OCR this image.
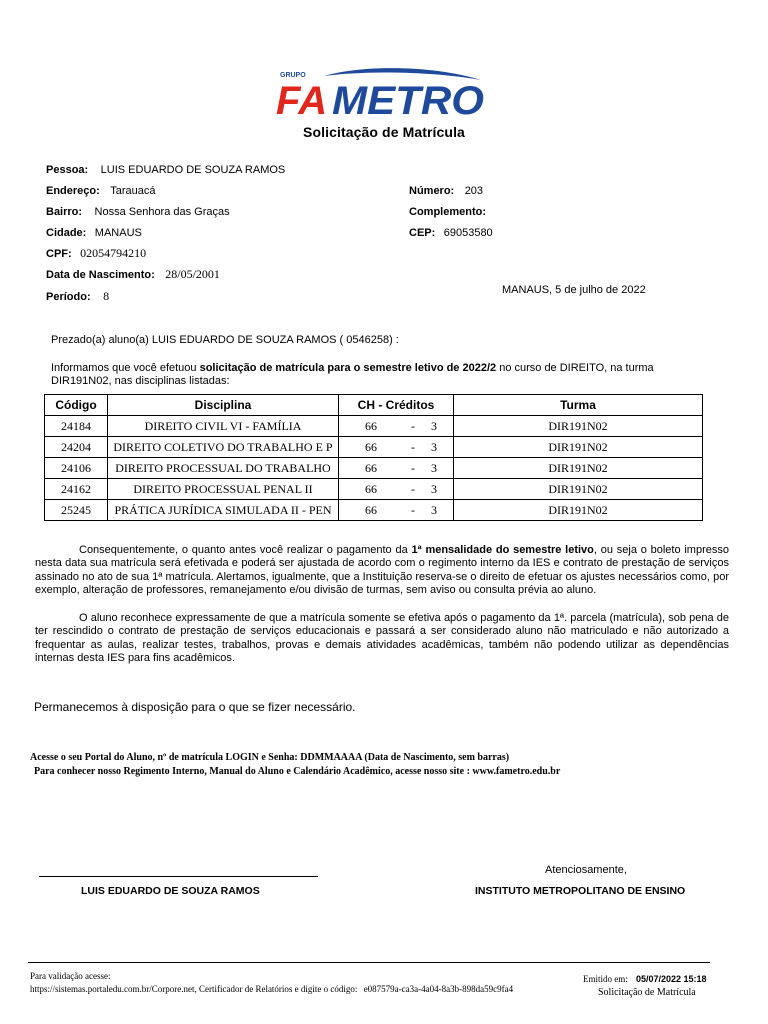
GRUPO
FA METRO
Solicitação de Matrícula
Pessoa: LUIS EDUARDO DE SOUZA RAMOS
Endereço: Tarauacá	Número: 203
Bairro: Nossa Senhora das Graças	Complemento:
Cidade: MANAUS	CEP: 69053580
CPF: 02054794210
Data de Nascimento: 28/05/2001
Período: 8	MANAUS, 5 de julho de 2022
Prezado(a) aluno(a) LUIS EDUARDO DE SOUZA RAMOS ( 0546258) :
Informamos que você efetuou solicitação de matrícula para o semestre letivo de 2022/2 no curso de DIREITO, na turma
DIR191N02, nas disciplinas listadas:
Código	Disciplina	CH - Créditos	Turma
24184	DIREITO CIVIL VI - FAMÍLIA	66 - 3	DIR191N02
24204	DIREITO COLETIVO DO TRABALHO E P	66 - 3	DIR191N02
24106	DIREITO PROCESSUAL DO TRABALHO	66 - 3	DIR191N02
24162	DIREITO PROCESSUAL PENAL II	66 - 3	DIR191N02
25245	PRÁTICA JURÍDICA SIMULADA II - PEN	66 - 3	DIR191N02
Consequentemente, o quanto antes você realizar o pagamento da 1ª mensalidade do semestre letivo, ou seja o boleto impresso nesta data sua matrícula será efetivada e poderá ser ajustada de acordo com o regimento interno da IES e contrato de prestação de serviços assinado no ato de sua 1ª matrícula. Alertamos, igualmente, que a Instituição reserva-se o direito de efetuar os ajustes necessários como, por exemplo, alteração de professores, remanejamento e/ou divisão de turmas, sem aviso ou consulta prévia ao aluno.
O aluno reconhece expressamente de que a matrícula somente se efetiva após o pagamento da 1ª. parcela (matrícula), sob pena de ter rescindido o contrato de prestação de serviços educacionais e passará a ser considerado aluno não matriculado e não autorizado a frequentar as aulas, realizar testes, trabalhos, provas e demais atividades acadêmicas, também não podendo utilizar as dependências internas desta IES para fins acadêmicos.
Permanecemos à disposição para o que se fizer necessário.
Acesse o seu Portal do Aluno, nº de matrícula LOGIN e Senha: DDMMAAAA (Data de Nascimento, sem barras)
Para conhecer nosso Regimento Interno, Manual do Aluno e Calendário Acadêmico, acesse nosso site : www.fametro.edu.br
Atenciosamente,
LUIS EDUARDO DE SOUZA RAMOS	INSTITUTO METROPOLITANO DE ENSINO
Para validação acesse:
https://sistemas.portaledu.com.br/Corpore.net, Certificador de Relatórios e digite o código: e087579a-ca3a-4a04-8a3b-898da59c9fa4
Emitido em: 05/07/2022 15:18
Solicitação de Matrícula
